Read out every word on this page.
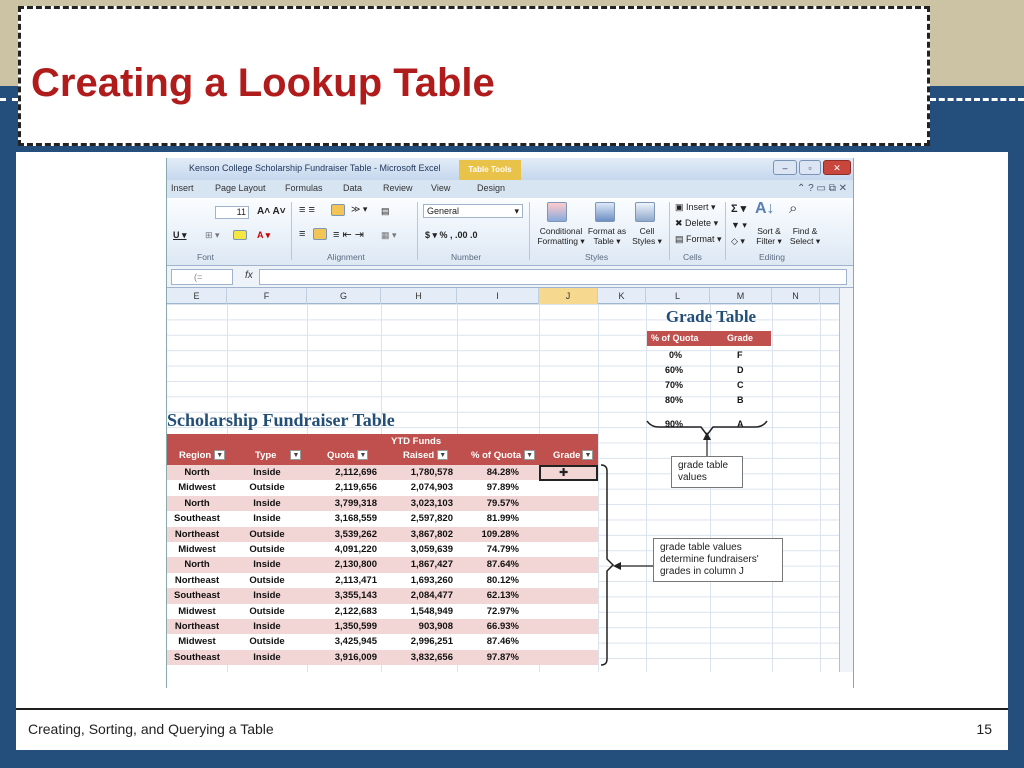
Creating a Lookup Table
Kenson College Scholarship Fundraiser Table - Microsoft Excel	Table Tools	–	▫	✕
Insert Page Layout Formulas Data Review View	Design	⌃ ? ▭ ⧉ ✕
11	A˄ A˅
U ▾ ⊞ ▾	A ▾
Font
≡ ≡	≫ ▾
≡	≡ ⇤ ⇥
▤
▦ ▾
Alignment
General	▾
$ ▾ % , .00 .0
Number
Conditional Formatting ▾
Format as Table ▾
Cell Styles ▾
Styles
▣ Insert ▾
✖ Delete ▾
▤ Format ▾
Cells
Σ ▾
▼ ▾
◇ ▾
A↓ ⌕
Sort & Filter ▾
Find & Select ▾
Editing
(=	fx
E	F	G	H	I	J	K	L	M	N
Grade Table
% of Quota	Grade
0%	F
60%	D
70%	C
80%	B
90%	A
Scholarship Fundraiser Table
YTD Funds
Region ▼	Type ▼	Quota ▼	Raised ▼	% of Quota ▼ Grade ▼
North	Inside	2,112,696	1,780,578	84.28%
Midwest	Outside	2,119,656	2,074,903	97.89%
North	Inside	3,799,318	3,023,103	79.57%
Southeast	Inside	3,168,559	2,597,820	81.99%
Northeast	Outside	3,539,262	3,867,802	109.28%
Midwest	Outside	4,091,220	3,059,639	74.79%
North	Inside	2,130,800	1,867,427	87.64%
Northeast	Outside	2,113,471	1,693,260	80.12%
Southeast	Inside	3,355,143	2,084,477	62.13%
Midwest	Outside	2,122,683	1,548,949	72.97%
Northeast	Inside	1,350,599	903,908	66.93%
Midwest	Outside	3,425,945	2,996,251	87.46%
Southeast	Inside	3,916,009	3,832,656	97.87%
✚
grade table values
grade table values determine fundraisers' grades in column J
Creating, Sorting, and Querying a Table	15
